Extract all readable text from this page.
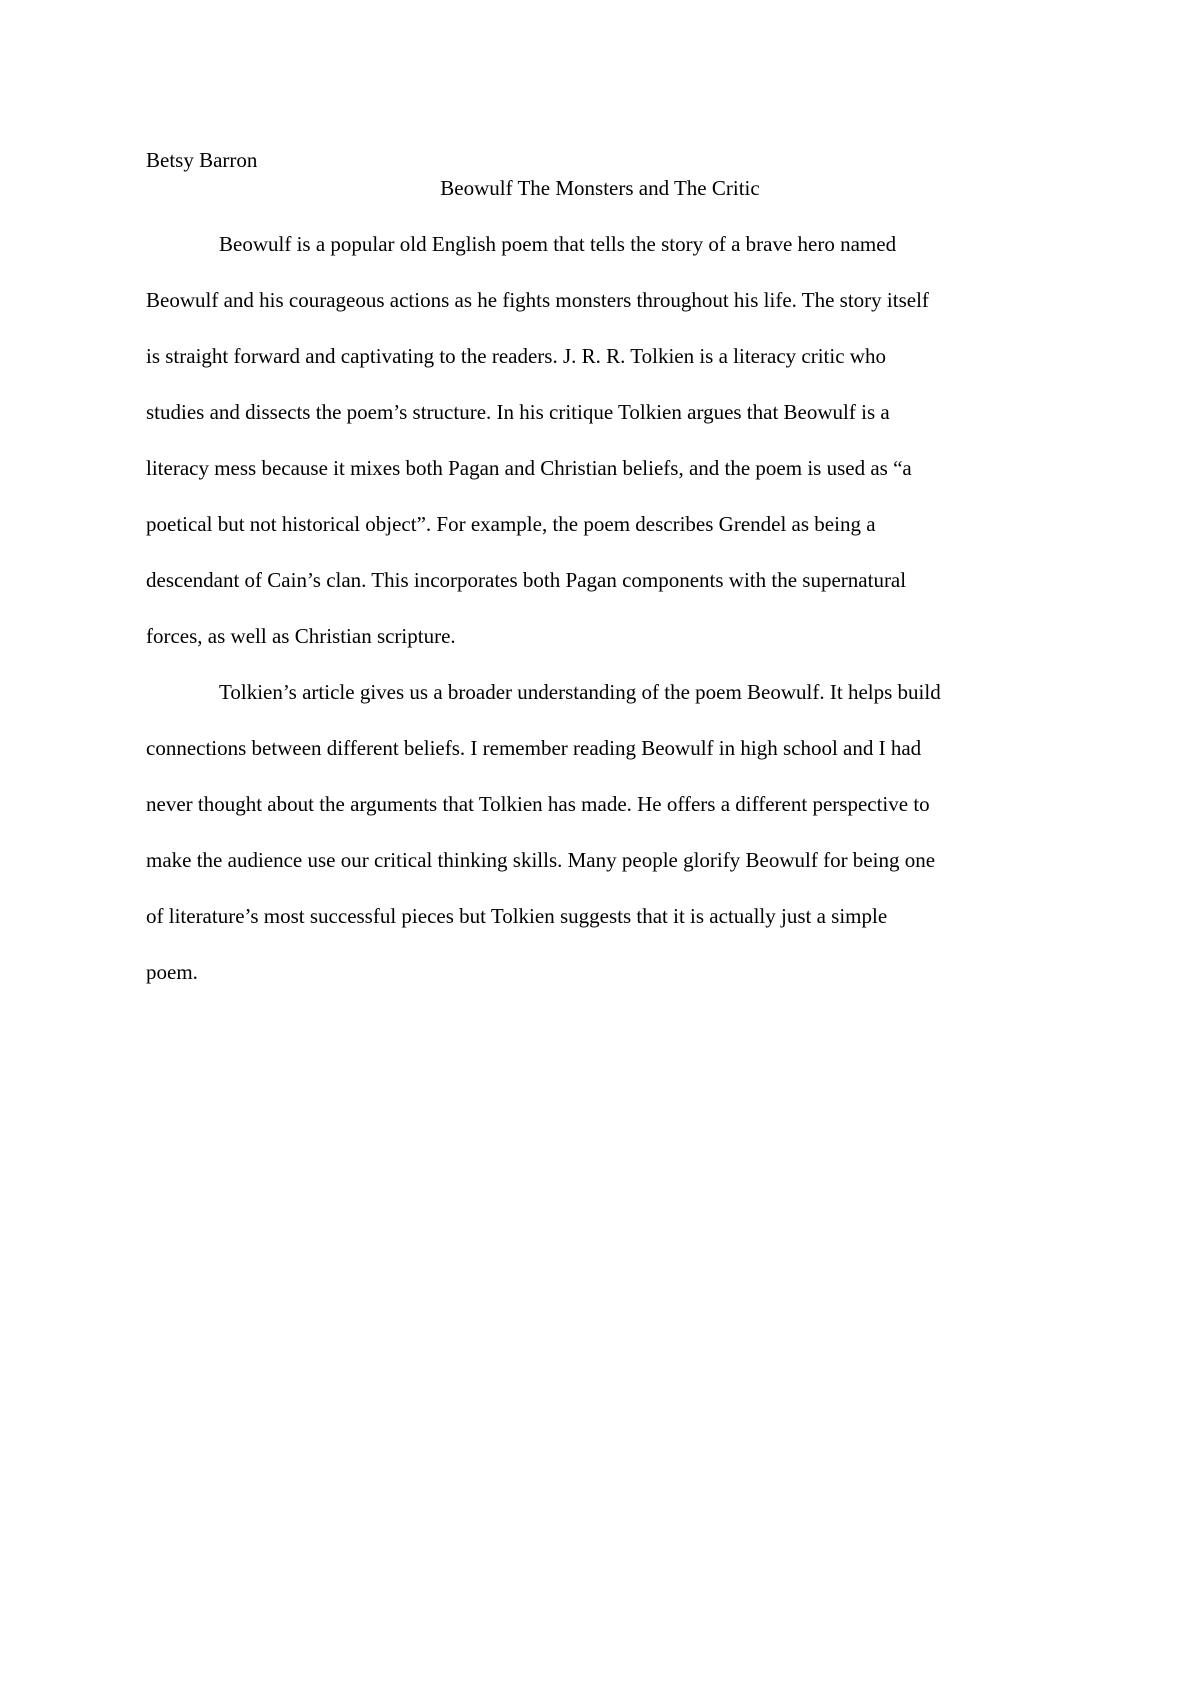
Betsy Barron
Beowulf The Monsters and The Critic
Beowulf is a popular old English poem that tells the story of a brave hero named
Beowulf and his courageous actions as he fights monsters throughout his life. The story itself
is straight forward and captivating to the readers. J. R. R. Tolkien is a literacy critic who
studies and dissects the poem’s structure. In his critique Tolkien argues that Beowulf is a
literacy mess because it mixes both Pagan and Christian beliefs, and the poem is used as “a
poetical but not historical object”. For example, the poem describes Grendel as being a
descendant of Cain’s clan. This incorporates both Pagan components with the supernatural
forces, as well as Christian scripture.
Tolkien’s article gives us a broader understanding of the poem Beowulf. It helps build
connections between different beliefs. I remember reading Beowulf in high school and I had
never thought about the arguments that Tolkien has made. He offers a different perspective to
make the audience use our critical thinking skills. Many people glorify Beowulf for being one
of literature’s most successful pieces but Tolkien suggests that it is actually just a simple
poem.
